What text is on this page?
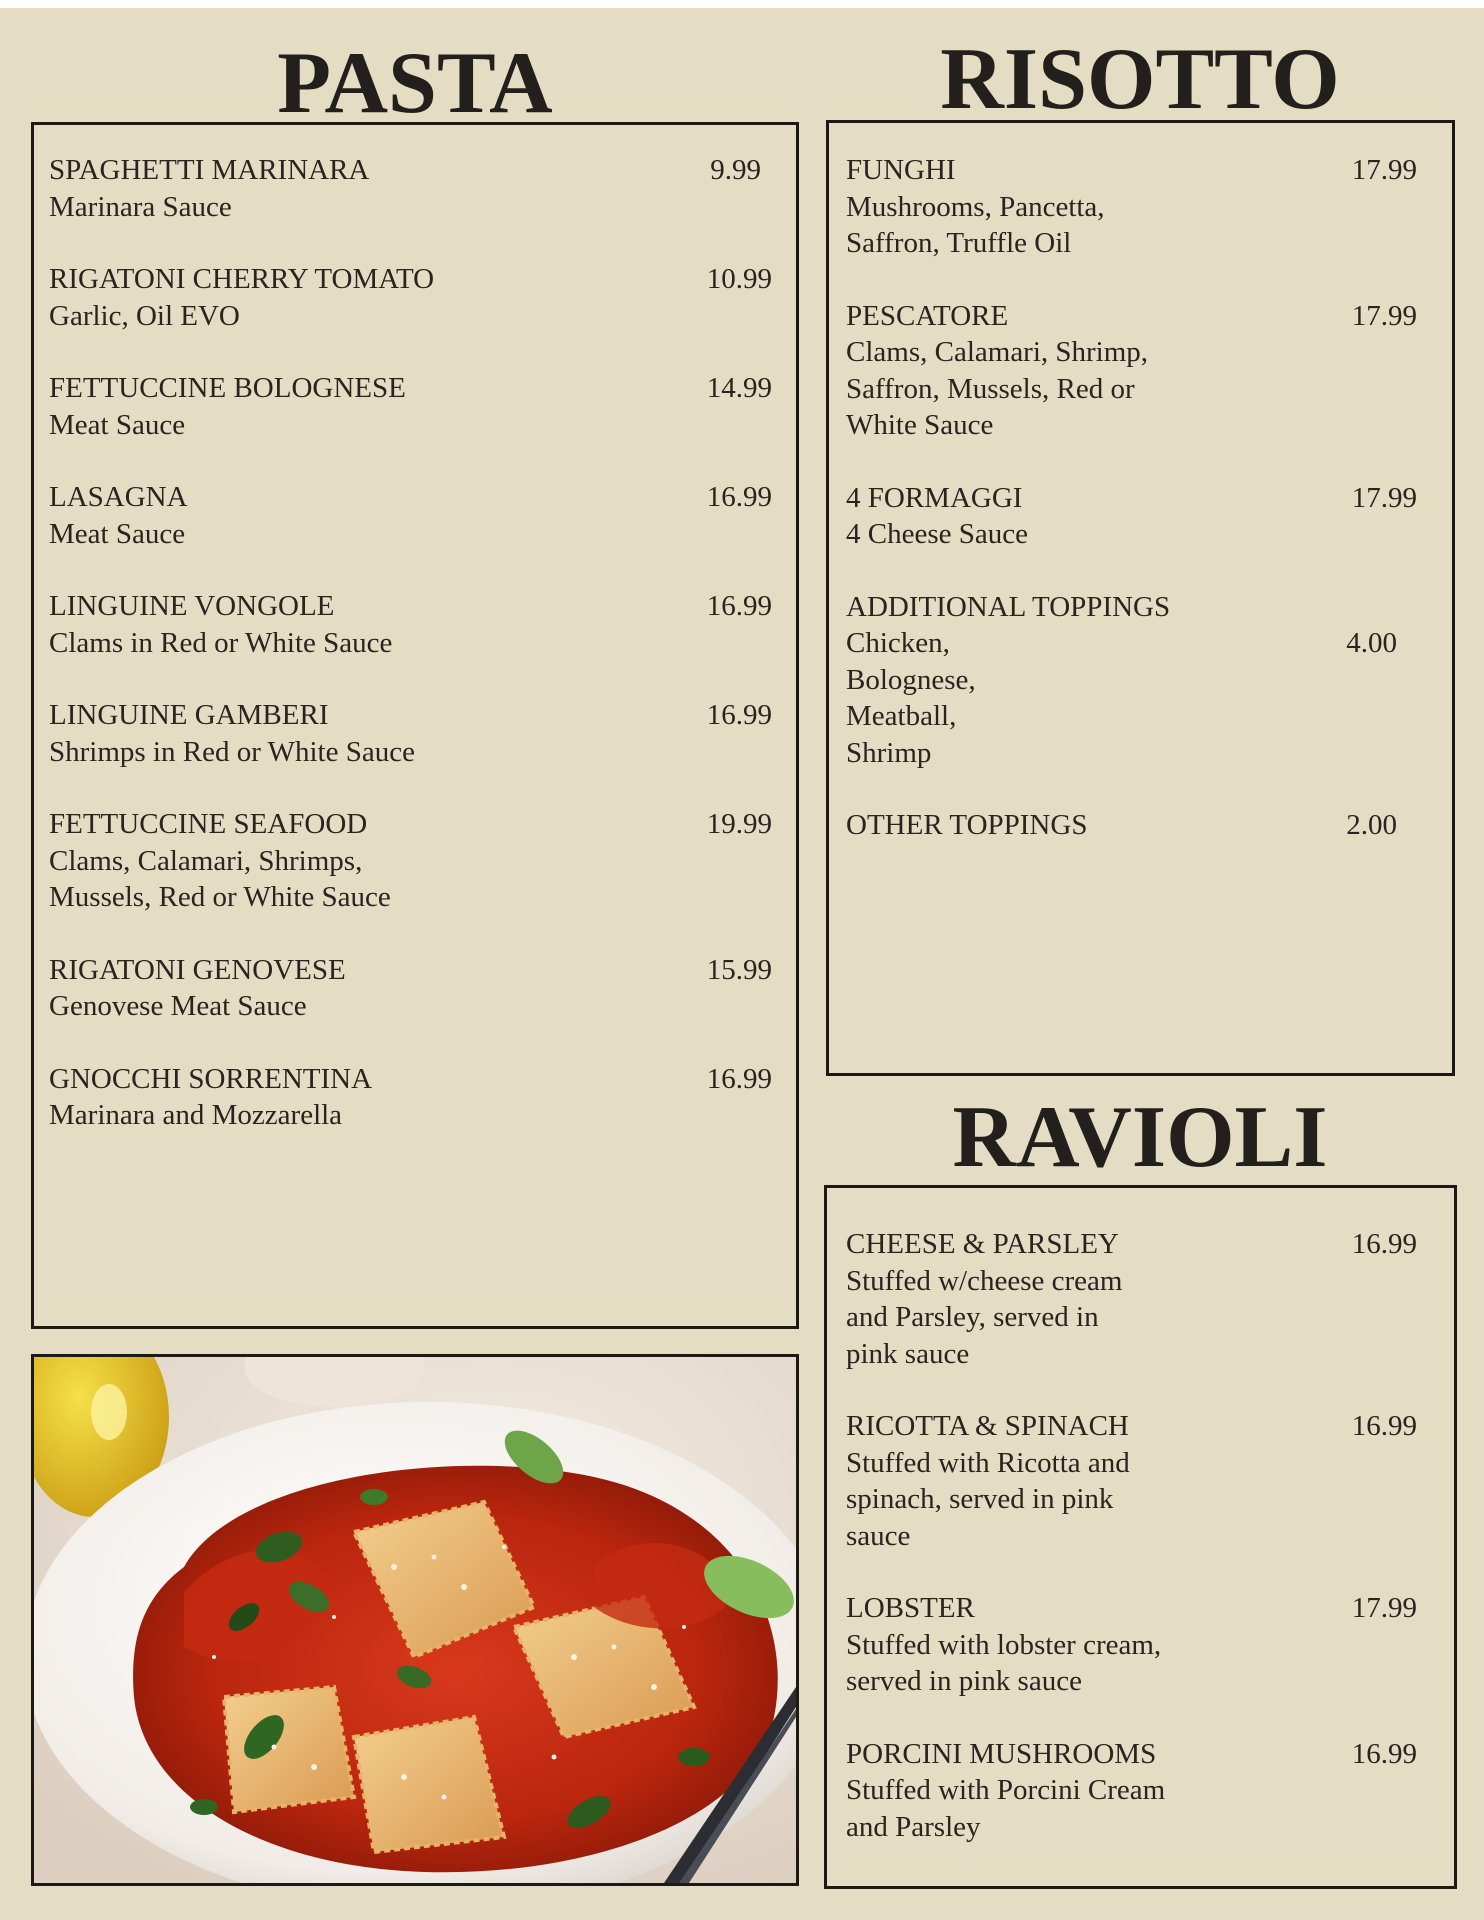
PASTA
SPAGHETTI MARINARA
Marinara Sauce
9.99
RIGATONI CHERRY TOMATO
Garlic, Oil EVO
10.99
FETTUCCINE BOLOGNESE
Meat Sauce
14.99
LASAGNA
Meat Sauce
16.99
LINGUINE VONGOLE
Clams in Red or White Sauce
16.99
LINGUINE GAMBERI
Shrimps in Red or White Sauce
16.99
FETTUCCINE SEAFOOD
Clams, Calamari, Shrimps,
Mussels, Red or White Sauce
19.99
RIGATONI GENOVESE
Genovese Meat Sauce
15.99
GNOCCHI SORRENTINA
Marinara and Mozzarella
16.99
RISOTTO
FUNGHI
Mushrooms, Pancetta,
Saffron, Truffle Oil
17.99
PESCATORE
Clams, Calamari, Shrimp,
Saffron, Mussels, Red or
White Sauce
17.99
4 FORMAGGI
4 Cheese Sauce
17.99
ADDITIONAL TOPPINGS
Chicken,
Bolognese,
Meatball,
Shrimp
4.00
OTHER TOPPINGS	2.00
RAVIOLI
CHEESE & PARSLEY
Stuffed w/cheese cream
and Parsley, served in
pink sauce
16.99
RICOTTA & SPINACH
Stuffed with Ricotta and
spinach, served in pink
sauce
16.99
LOBSTER
Stuffed with lobster cream,
served in pink sauce
17.99
PORCINI MUSHROOMS
Stuffed with Porcini Cream
and Parsley
16.99
